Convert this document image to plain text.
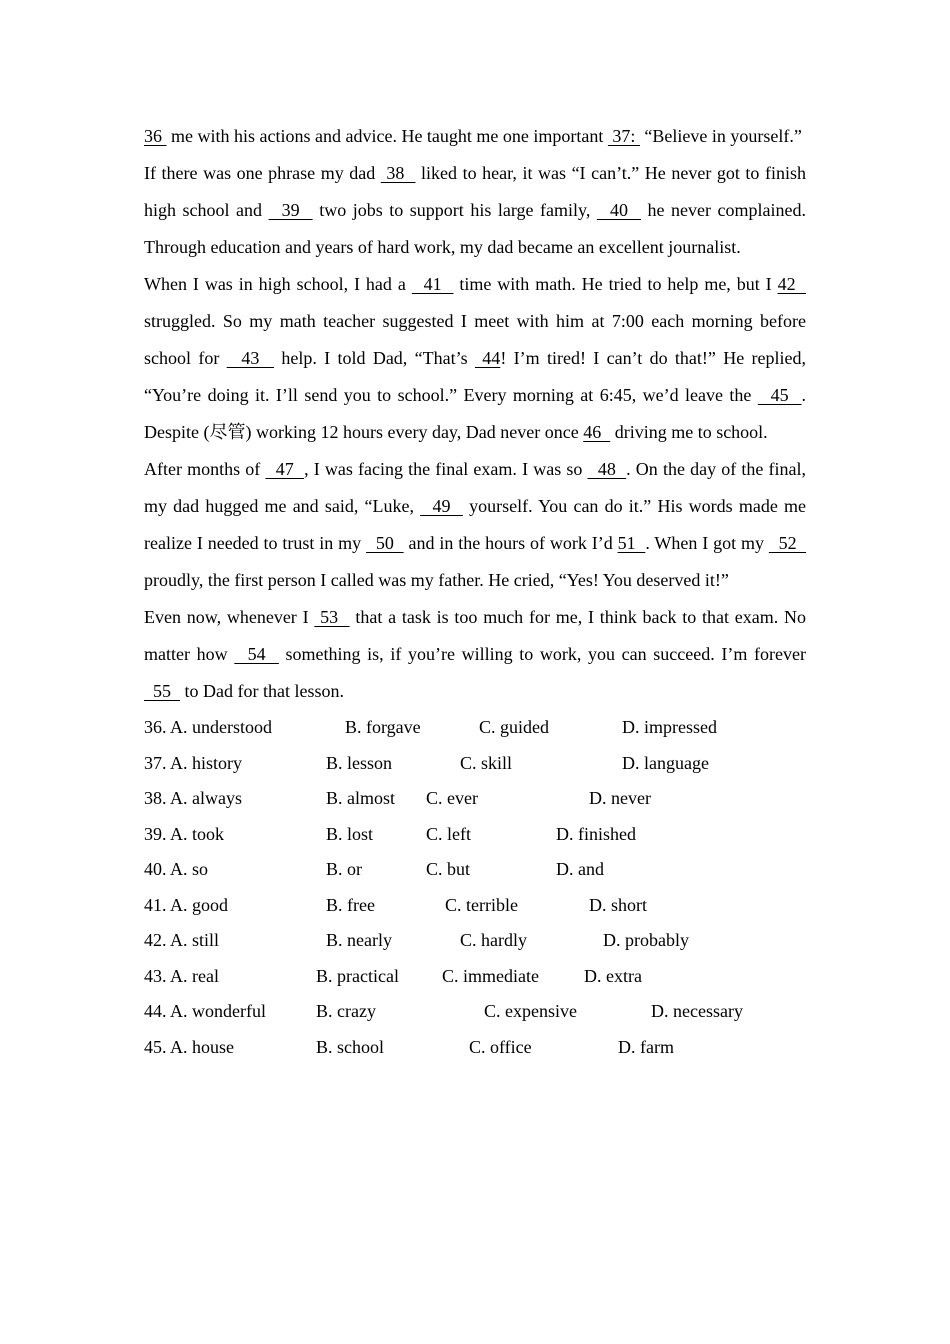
36  me with his actions and advice. He taught me one important  37:  “Believe in yourself.”

If there was one phrase my dad  38   liked to hear, it was “I can’t.” He never got to finish high school and   39   two jobs to support his large family,   40   he never complained. Through education and years of hard work, my dad became an excellent journalist.

When I was in high school, I had a   41   time with math. He tried to help me, but I 42   struggled. So my math teacher suggested I meet with him at 7:00 each morning before school for   43   help. I told Dad, “That’s  44! I’m tired! I can’t do that!” He replied, “You’re doing it. I’ll send you to school.” Every morning at 6:45, we’d leave the   45  . Despite (尽管) working 12 hours every day, Dad never once 46   driving me to school.

After months of   47  , I was facing the final exam. I was so   48  . On the day of the final, my dad hugged me and said, “Luke,   49   yourself. You can do it.” His words made me realize I needed to trust in my   50   and in the hours of work I’d 51  . When I got my   52   proudly, the first person I called was my father. He cried, “Yes! You deserved it!”

Even now, whenever I  53   that a task is too much for me, I think back to that exam. No matter how   54   something is, if you’re willing to work, you can succeed. I’m forever   55   to Dad for that lesson.

36. A. understood	B. forgave	C. guided	D. impressed
37. A. history	B. lesson	C. skill	D. language
38. A. always	B. almost C. ever	D. never
39. A. took	B. lost	C. left	D. finished
40. A. so	B. or	C. but	D. and
41. A. good	B. free	C. terrible	D. short
42. A. still	B. nearly	C. hardly	D. probably
43. A. real	B. practical C. immediate	D. extra
44. A. wonderful	B. crazy	C. expensive	D. necessary
45. A. house	B. school	C. office	D. farm
